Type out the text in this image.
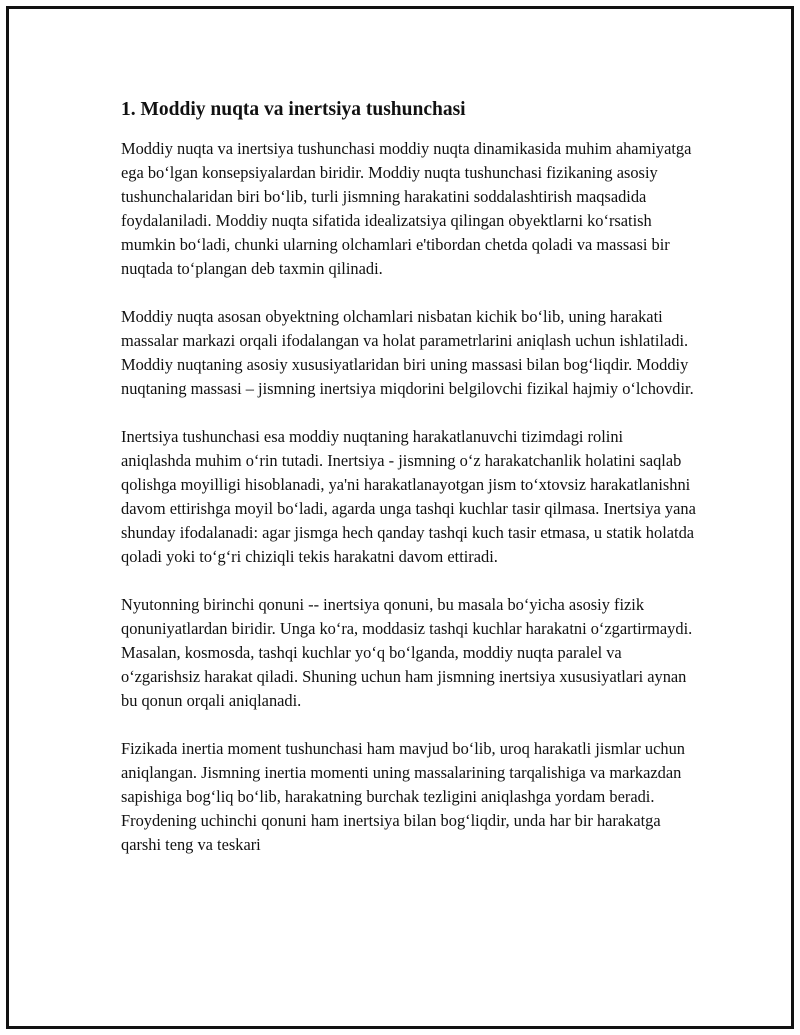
1. Moddiy nuqta va inertsiya tushunchasi

Moddiy nuqta va inertsiya tushunchasi moddiy nuqta dinamikasida muhim ahamiyatga ega boʻlgan konsepsiyalardan biridir. Moddiy nuqta tushunchasi fizikaning asosiy tushunchalaridan biri boʻlib, turli jismning harakatini soddalashtirish maqsadida foydalaniladi. Moddiy nuqta sifatida idealizatsiya qilingan obyektlarni koʻrsatish mumkin boʻladi, chunki ularning olchamlari e'tibordan chetda qoladi va massasi bir nuqtada toʻplangan deb taxmin qilinadi.

Moddiy nuqta asosan obyektning olchamlari nisbatan kichik boʻlib, uning harakati massalar markazi orqali ifodalangan va holat parametrlarini aniqlash uchun ishlatiladi. Moddiy nuqtaning asosiy xususiyatlaridan biri uning massasi bilan bogʻliqdir. Moddiy nuqtaning massasi – jismning inertsiya miqdorini belgilovchi fizikal hajmiy oʻlchovdir.

Inertsiya tushunchasi esa moddiy nuqtaning harakatlanuvchi tizimdagi rolini aniqlashda muhim oʻrin tutadi. Inertsiya - jismning oʻz harakatchanlik holatini saqlab qolishga moyilligi hisoblanadi, ya'ni harakatlanayotgan jism toʻxtovsiz harakatlanishni davom ettirishga moyil boʻladi, agarda unga tashqi kuchlar tasir qilmasa. Inertsiya yana shunday ifodalanadi: agar jismga hech qanday tashqi kuch tasir etmasa, u statik holatda qoladi yoki toʻgʻri chiziqli tekis harakatni davom ettiradi.

Nyutonning birinchi qonuni -- inertsiya qonuni, bu masala boʻyicha asosiy fizik qonuniyatlardan biridir. Unga koʻra, moddasiz tashqi kuchlar harakatni oʻzgartirmaydi. Masalan, kosmosda, tashqi kuchlar yoʻq boʻlganda, moddiy nuqta paralel va oʻzgarishsiz harakat qiladi. Shuning uchun ham jismning inertsiya xususiyatlari aynan bu qonun orqali aniqlanadi.

Fizikada inertia moment tushunchasi ham mavjud boʻlib, uroq harakatli jismlar uchun aniqlangan. Jismning inertia momenti uning massalarining tarqalishiga va markazdan sapishiga bogʻliq boʻlib, harakatning burchak tezligini aniqlashga yordam beradi. Froydening uchinchi qonuni ham inertsiya bilan bogʻliqdir, unda har bir harakatga qarshi teng va teskari
